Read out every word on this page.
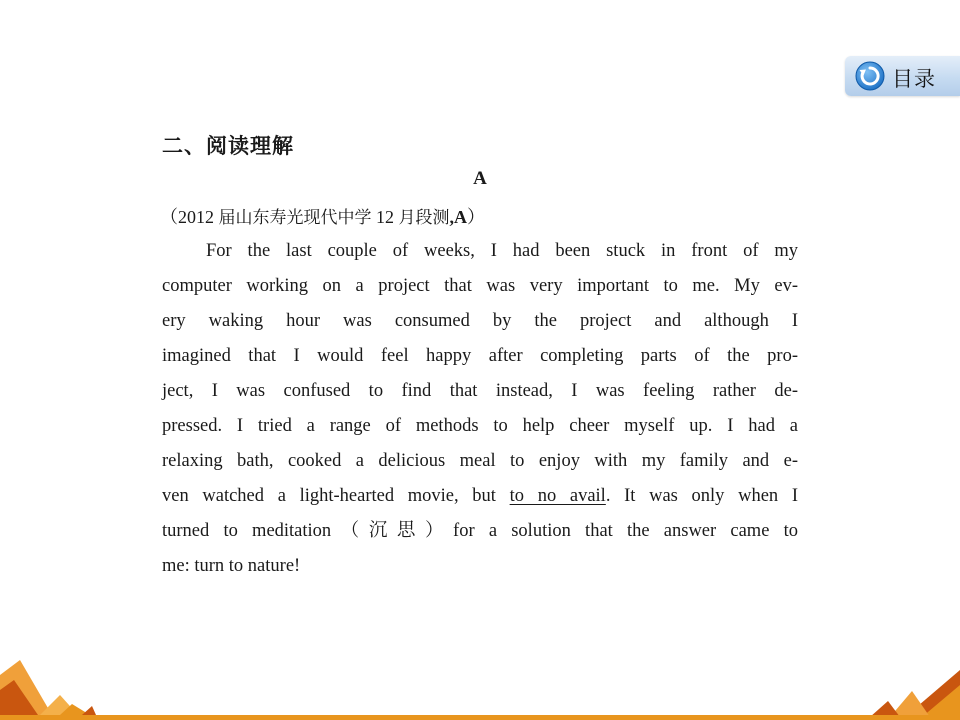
目录
二、阅读理解
A
（2012 届山东寿光现代中学 12 月段测,A）
For the last couple of weeks, I had been stuck in front of my
computer working on a project that was very important to me. My ev-
ery waking hour was consumed by the project and although I
imagined that I would feel happy after completing parts of the pro-
ject, I was confused to find that instead, I was feeling rather de-
pressed. I tried a range of methods to help cheer myself up. I had a
relaxing bath, cooked a delicious meal to enjoy with my family and e-
ven watched a light-hearted movie, but to no avail. It was only when I
turned to meditation（沉思）for a solution that the answer came to
me: turn to nature!
